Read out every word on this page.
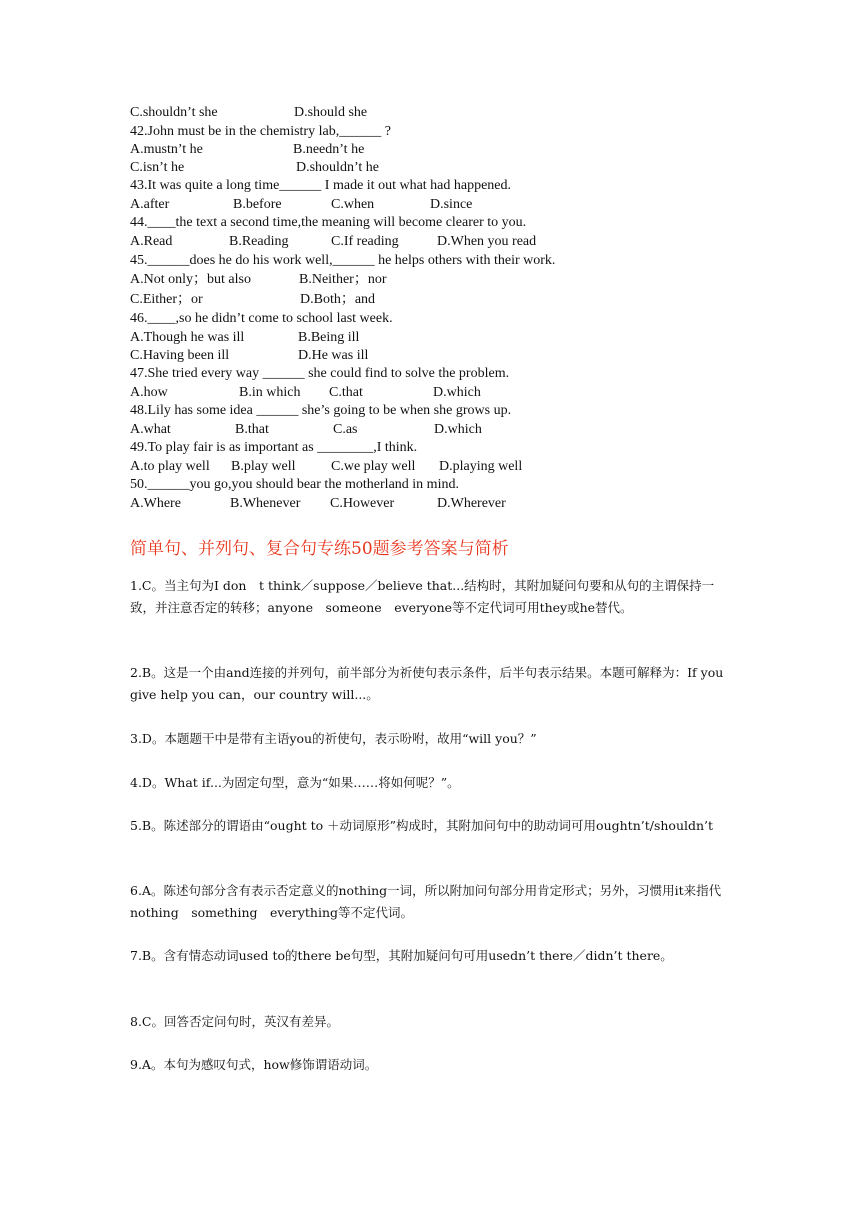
C.shouldn’t she	D.should she
42.John must be in the chemistry lab,______ ?
A.mustn’t he	B.needn’t he
C.isn’t he	D.shouldn’t he
43.It was quite a long time______ I made it out what had happened.
A.after	B.before	C.when	D.since
44.____the text a second time,the meaning will become clearer to you.
A.Read	B.Reading	C.If reading	D.When you read
45.______does he do his work well,______ he helps others with their work.
A.Not only；but also	B.Neither；nor
C.Either；or	D.Both；and
46.____,so he didn’t come to school last week.
A.Though he was ill	B.Being ill
C.Having been ill	D.He was ill
47.She tried every way ______ she could find to solve the problem.
A.how	B.in which C.that	D.which
48.Lily has some idea ______ she’s going to be when she grows up.
A.what	B.that	C.as	D.which
49.To play fair is as important as ________,I think.
A.to play well B.play well	C.we play well D.playing well
50.______you go,you should bear the motherland in mind.
A.Where	B.Whenever C.However	D.Wherever
简单句、并列句、复合句专练50题参考答案与简析
1.C。当主句为I don　t think／suppose／believe that...结构时，其附加疑问句要和从句的主谓保持一致，并注意否定的转移；anyone　someone　everyone等不定代词可用they或he替代。
2.B。这是一个由and连接的并列句，前半部分为祈使句表示条件，后半句表示结果。本题可解释为：If you give help you can，our country will...。
3.D。本题题干中是带有主语you的祈使句，表示吩咐，故用“will you？”
4.D。What if...为固定句型，意为“如果……将如何呢？”。
5.B。陈述部分的谓语由“ought to ＋动词原形”构成时，其附加问句中的助动词可用oughtn’t/shouldn’t
6.A。陈述句部分含有表示否定意义的nothing一词，所以附加问句部分用肯定形式；另外，习惯用it来指代nothing　something　everything等不定代词。
7.B。含有情态动词used to的there be句型，其附加疑问句可用usedn’t there／didn’t there。
8.C。回答否定问句时，英汉有差异。
9.A。本句为感叹句式，how修饰谓语动词。
